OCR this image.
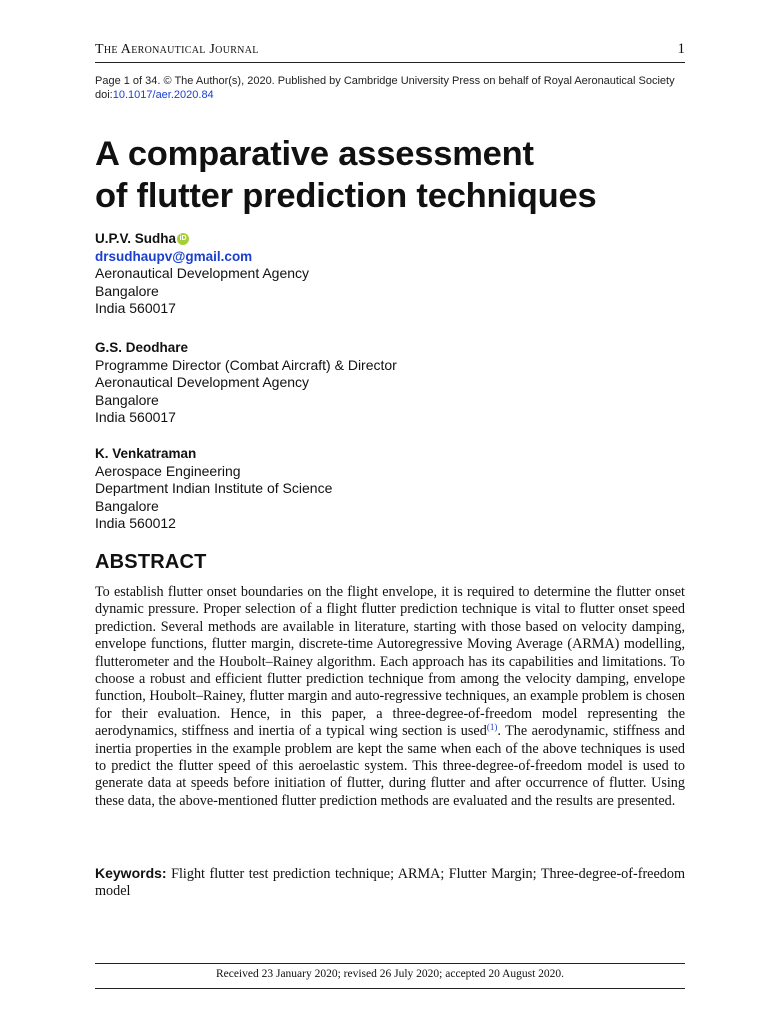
The Aeronautical Journal	1
Page 1 of 34. © The Author(s), 2020. Published by Cambridge University Press on behalf of Royal Aeronautical Society
doi:10.1017/aer.2020.84
A comparative assessment
of flutter prediction techniques
U.P.V. Sudha iD
drsudhaupv@gmail.com
Aeronautical Development Agency
Bangalore
India 560017
G.S. Deodhare
Programme Director (Combat Aircraft) & Director
Aeronautical Development Agency
Bangalore
India 560017
K. Venkatraman
Aerospace Engineering
Department Indian Institute of Science
Bangalore
India 560012
ABSTRACT
To establish flutter onset boundaries on the flight envelope, it is required to determine the flutter onset dynamic pressure. Proper selection of a flight flutter prediction technique is vital to flutter onset speed prediction. Several methods are available in literature, starting with those based on velocity damping, envelope functions, flutter margin, discrete-time Autoregressive Moving Average (ARMA) modelling, flutterometer and the Houbolt–Rainey algorithm. Each approach has its capabilities and limitations. To choose a robust and efficient flutter prediction technique from among the velocity damping, envelope function, Houbolt–Rainey, flutter margin and auto-regressive techniques, an example problem is chosen for their evaluation. Hence, in this paper, a three-degree-of-freedom model representing the aerodynamics, stiffness and inertia of a typical wing section is used$^{(1)}$. The aerodynamic, stiffness and inertia properties in the example problem are kept the same when each of the above techniques is used to predict the flutter speed of this aeroelastic system. This three-degree-of-freedom model is used to generate data at speeds before initiation of flutter, during flutter and after occurrence of flutter. Using these data, the above-mentioned flutter prediction methods are evaluated and the results are presented.
Keywords: Flight flutter test prediction technique; ARMA; Flutter Margin; Three-degree-of-freedom model
Received 23 January 2020; revised 26 July 2020; accepted 20 August 2020.
